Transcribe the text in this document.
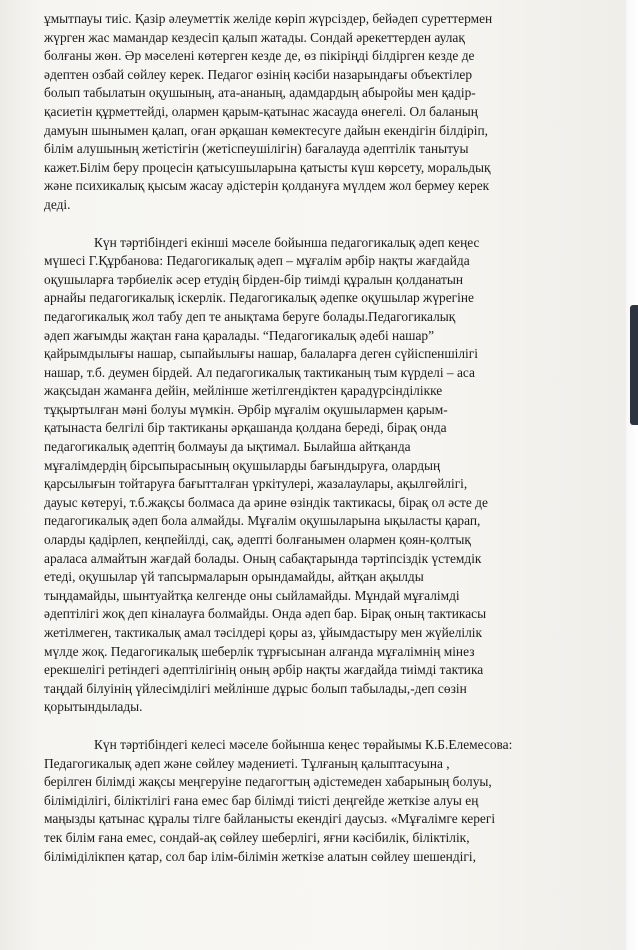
ұмытпауы тиіс. Қазір әлеуметтік желіде көріп жүрсіздер, бейәдеп суреттермен
жүрген жас мамандар кездесіп қалып жатады. Сондай әрекеттерден аулақ
болғаны жөн. Әр мәселені көтерген кезде де, өз пікіріңді білдірген кезде де
әдептен озбай сөйлеу керек. Педагог өзінің кәсіби назарындағы объектілер
болып табылатын оқушының, ата-ананың, адамдардың абыройы мен қадір-
қасиетін құрметтейді, олармен қарым-қатынас жасауда өнегелі. Ол баланың
дамуын шынымен қалап, оған әрқашан көмектесуге дайын екендігін білдіріп,
білім алушының жетістігін (жетіспеушілігін) бағалауда әдептілік танытуы
кажет.Білім беру процесін қатысушыларына қатысты күш көрсету, моральдық
және психикалық қысым жасау әдістерін қолдануға мүлдем жол бермеу керек
деді.
Күн тәртібіндегі екінші мәселе бойынша педагогикалық әдеп кеңес
мүшесі Г.Құрбанова: Педагогикалық әдеп – мұғалім әрбір нақты жағдайда
оқушыларға тәрбиелік әсер етудің бірден-бір тиімді құралын қолданатын
арнайы педагогикалық іскерлік. Педагогикалық әдепке оқушылар жүрегіне
педагогикалық жол табу деп те анықтама беруге болады.Педагогикалық
әдеп жағымды жақтан ғана қаралады. “Педагогикалық әдебі нашар”
қайрымдылығы нашар, сыпайылығы нашар, балаларға деген сүйіспеншілігі
нашар, т.б. деумен бірдей. Ал педагогикалық тактиканың тым күрделі – аса
жақсыдан жаманға дейін, мейлінше жетілгендіктен қарадүрсінділікке
тұқыртылған мәні болуы мүмкін. Әрбір мұғалім оқушылармен қарым-
қатынаста белгілі бір тактиканы әрқашанда қолдана береді, бірақ онда
педагогикалық әдептің болмауы да ықтимал. Былайша айтқанда
мұғалімдердің бірсыпырасының оқушыларды бағындыруға, олардың
қарсылығын тойтаруға бағытталған үркітулері, жазалаулары, ақылгөйлігі,
дауыс көтеруі, т.б.жақсы болмаса да әрине өзіндік тактикасы, бірақ ол әсте де
педагогикалық әдеп бола алмайды. Мұғалім оқушыларына ықыласты қарап,
оларды қадірлеп, кеңпейілді, сақ, әдепті болғанымен олармен қоян-қолтық
араласа алмайтын жағдай болады. Оның сабақтарында тәртіпсіздік үстемдік
етеді, оқушылар үй тапсырмаларын орындамайды, айтқан ақылды
тыңдамайды, шынтуайтқа келгенде оны сыйламайды. Мұндай мұғалімді
әдептілігі жоқ деп кіналауға болмайды. Онда әдеп бар. Бірақ оның тактикасы
жетілмеген, тактикалық амал тәсілдері қоры аз, ұйымдастыру мен жүйелілік
мүлде жоқ. Педагогикалық шеберлік тұрғысынан алғанда мұғалімнің мінез
ерекшелігі ретіндегі әдептілігінің оның әрбір нақты жағдайда тиімді тактика
таңдай білуінің үйлесімділігі мейлінше дұрыс болып табылады,-деп сөзін
қорытындылады.
Күн тәртібіндегі келесі мәселе бойынша кеңес төрайымы К.Б.Елемесова:
Педагогикалық әдеп және сөйлеу мәдениеті. Тұлғаның қалыптасуына ,
берілген білімді жақсы меңгеруіне педагогтың әдістемеден хабарының болуы,
біліміділігі, біліктілігі ғана емес бар білімді тиісті деңгейде жеткізе алуы ең
маңызды қатынас құралы тілге байланысты екендігі даусыз. «Мұғалімге керегі
тек білім ғана емес, сондай-ақ сөйлеу шеберлігі, яғни кәсібилік, біліктілік,
біліміділікпен қатар, сол бар ілім-білімін жеткізе алатын сөйлеу шешендігі,
